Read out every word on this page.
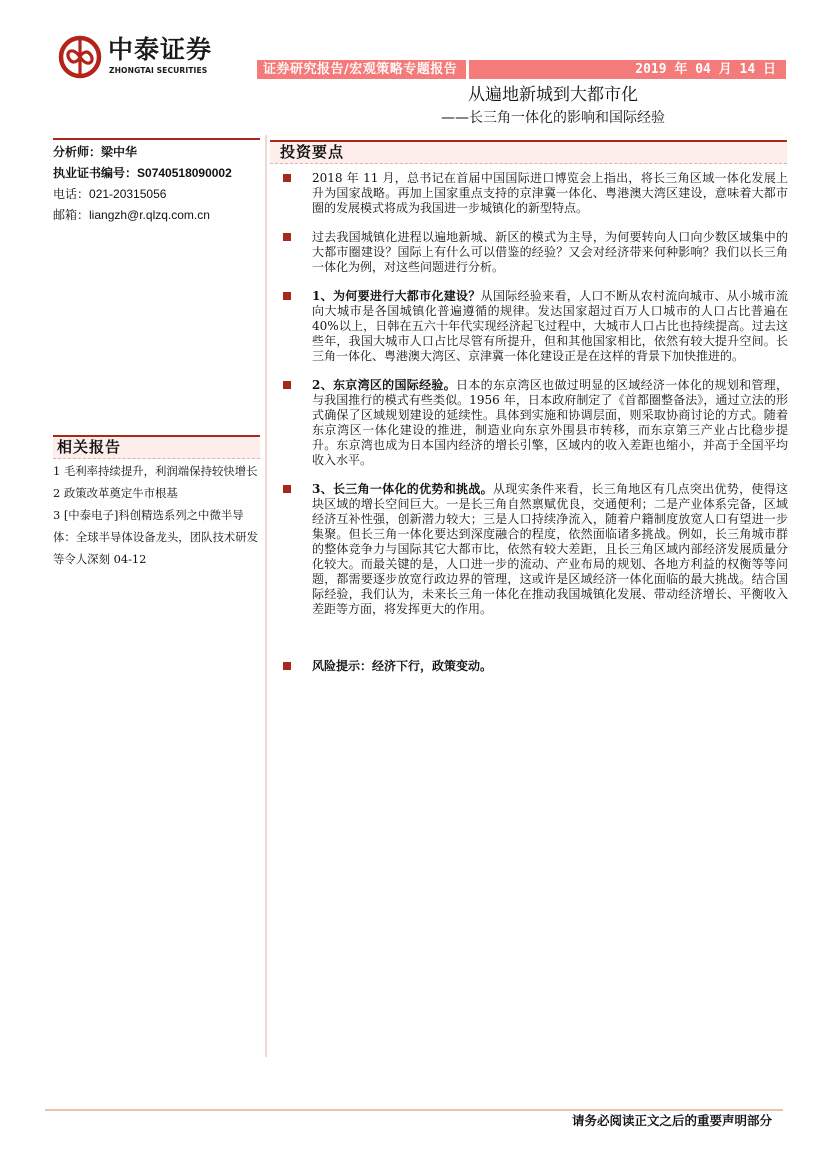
中泰证券
ZHONGTAI SECURITIES	证券研究报告/宏观策略专题报告	2019 年 04 月 14 日
从遍地新城到大都市化
——长三角一体化的影响和国际经验
分析师：梁中华
执业证书编号：S0740518090002
电话：021-20315056
邮箱：liangzh@r.qlzq.com.cn
相关报告
1 毛利率持续提升，利润端保持较快增长
2 政策改革奠定牛市根基
3 [中泰电子]科创精选系列之中微半导体：全球半导体设备龙头，团队技术研发等令人深刻 04-12
投资要点
2018 年 11 月，总书记在首届中国国际进口博览会上指出，将长三角区域一体化发展上升为国家战略。再加上国家重点支持的京津冀一体化、粤港澳大湾区建设，意味着大都市圈的发展模式将成为我国进一步城镇化的新型特点。
过去我国城镇化进程以遍地新城、新区的模式为主导，为何要转向人口向少数区域集中的大都市圈建设？国际上有什么可以借鉴的经验？又会对经济带来何种影响？我们以长三角一体化为例，对这些问题进行分析。
1、为何要进行大都市化建设？从国际经验来看，人口不断从农村流向城市、从小城市流向大城市是各国城镇化普遍遵循的规律。发达国家超过百万人口城市的人口占比普遍在 40%以上，日韩在五六十年代实现经济起飞过程中，大城市人口占比也持续提高。过去这些年，我国大城市人口占比尽管有所提升，但和其他国家相比，依然有较大提升空间。长三角一体化、粤港澳大湾区、京津冀一体化建设正是在这样的背景下加快推进的。
2、东京湾区的国际经验。日本的东京湾区也做过明显的区域经济一体化的规划和管理，与我国推行的模式有些类似。1956 年，日本政府制定了《首都圈整备法》，通过立法的形式确保了区域规划建设的延续性。具体到实施和协调层面，则采取协商讨论的方式。随着东京湾区一体化建设的推进，制造业向东京外围县市转移，而东京第三产业占比稳步提升。东京湾也成为日本国内经济的增长引擎，区域内的收入差距也缩小，并高于全国平均收入水平。
3、长三角一体化的优势和挑战。从现实条件来看，长三角地区有几点突出优势，使得这块区域的增长空间巨大。一是长三角自然禀赋优良，交通便利；二是产业体系完备，区域经济互补性强，创新潜力较大；三是人口持续净流入，随着户籍制度放宽人口有望进一步集聚。但长三角一体化要达到深度融合的程度，依然面临诸多挑战。例如，长三角城市群的整体竞争力与国际其它大都市比，依然有较大差距，且长三角区域内部经济发展质量分化较大。而最关键的是，人口进一步的流动、产业布局的规划、各地方利益的权衡等等问题，都需要逐步放宽行政边界的管理，这或许是区域经济一体化面临的最大挑战。结合国际经验，我们认为，未来长三角一体化在推动我国城镇化发展、带动经济增长、平衡收入差距等方面，将发挥更大的作用。
风险提示：经济下行，政策变动。
请务必阅读正文之后的重要声明部分
